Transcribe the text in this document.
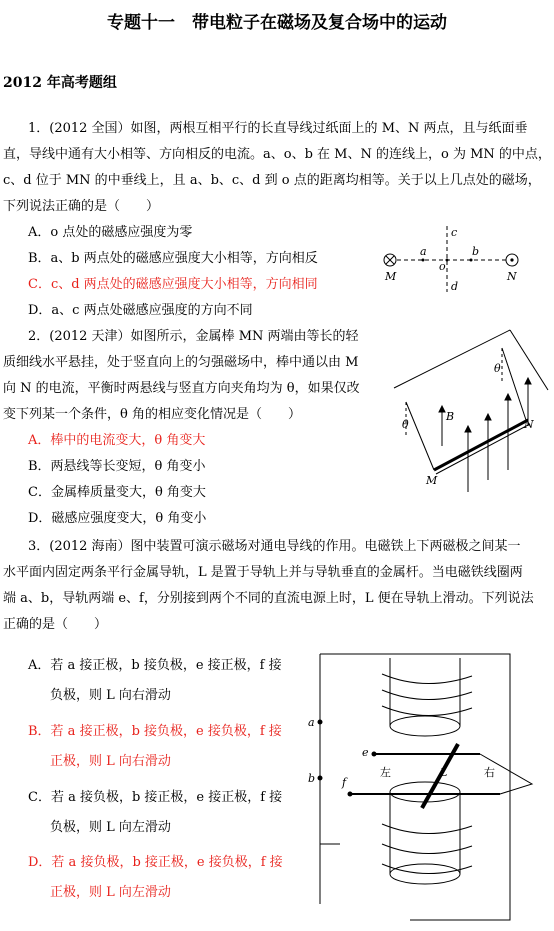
专题十一　带电粒子在磁场及复合场中的运动
2012 年高考题组
1．(2012 全国）如图，两根互相平行的长直导线过纸面上的 M、N 两点，且与纸面垂
直，导线中通有大小相等、方向相反的电流。a、o、b 在 M、N 的连线上，o 为 MN 的中点，
c、d 位于 MN 的中垂线上，且 a、b、c、d 到 o 点的距离均相等。关于以上几点处的磁场，
下列说法正确的是（　　）
A．o 点处的磁感应强度为零
B．a、b 两点处的磁感应强度大小相等，方向相反
C．c、d 两点处的磁感应强度大小相等，方向相同
D．a、c 两点处磁感应强度的方向不同
c
d
a
o
b
M	N
2．(2012 天津）如图所示，金属棒 MN 两端由等长的轻
质细线水平悬挂，处于竖直向上的匀强磁场中，棒中通以由 M
向 N 的电流，平衡时两悬线与竖直方向夹角均为 θ，如果仅改
变下列某一个条件，θ 角的相应变化情况是（　　）
A．棒中的电流变大，θ 角变大
B．两悬线等长变短，θ 角变小
C．金属棒质量变大，θ 角变大
D．磁感应强度变大，θ 角变小
θ
θ
B
N
M
3．(2012 海南）图中装置可演示磁场对通电导线的作用。电磁铁上下两磁极之间某一
水平面内固定两条平行金属导轨，L 是置于导轨上并与导轨垂直的金属杆。当电磁铁线圈两
端 a、b，导轨两端 e、f，分别接到两个不同的直流电源上时，L 便在导轨上滑动。下列说法
正确的是（　　）
A．若 a 接正极，b 接负极，e 接正极，f 接
负极，则 L 向右滑动
B．若 a 接正极，b 接负极，e 接负极，f 接
正极，则 L 向右滑动
C．若 a 接负极，b 接正极，e 接正极，f 接
负极，则 L 向左滑动
D．若 a 接负极，b 接正极，e 接负极，f 接
正极，则 L 向左滑动
a
b
e
f
左	L	右
